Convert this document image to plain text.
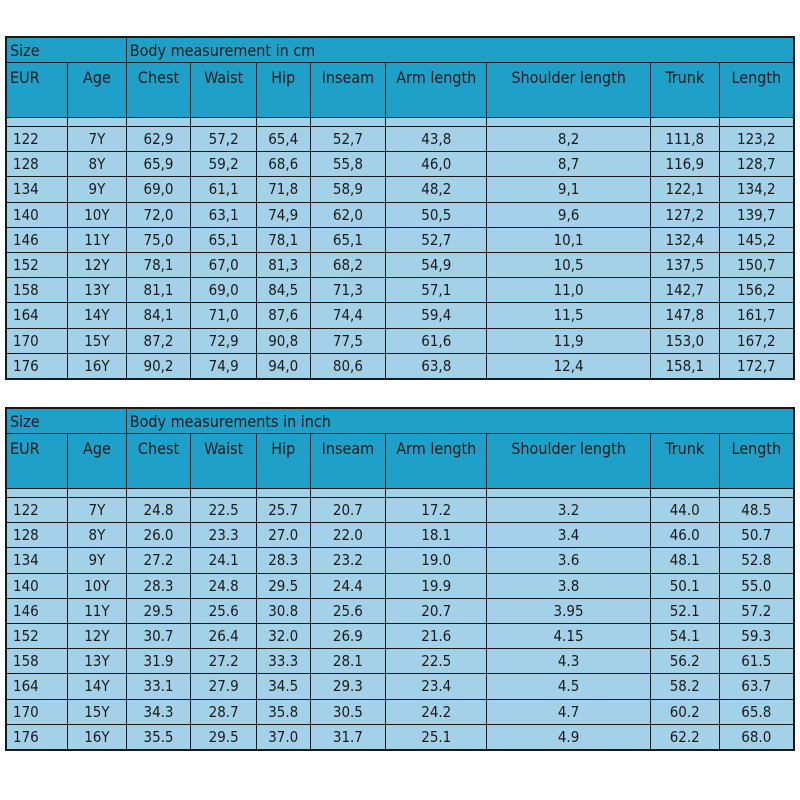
Size		Body measurement in cm							
EUR	Age	Chest	Waist	Hip	Inseam	Arm length	Shoulder length	Trunk	Length

122	7Y	62,9	57,2	65,4	52,7	43,8	8,2	111,8	123,2
128	8Y	65,9	59,2	68,6	55,8	46,0	8,7	116,9	128,7
134	9Y	69,0	61,1	71,8	58,9	48,2	9,1	122,1	134,2
140	10Y	72,0	63,1	74,9	62,0	50,5	9,6	127,2	139,7
146	11Y	75,0	65,1	78,1	65,1	52,7	10,1	132,4	145,2
152	12Y	78,1	67,0	81,3	68,2	54,9	10,5	137,5	150,7
158	13Y	81,1	69,0	84,5	71,3	57,1	11,0	142,7	156,2
164	14Y	84,1	71,0	87,6	74,4	59,4	11,5	147,8	161,7
170	15Y	87,2	72,9	90,8	77,5	61,6	11,9	153,0	167,2
176	16Y	90,2	74,9	94,0	80,6	63,8	12,4	158,1	172,7
Size		Body measurements in inch							
EUR	Age	Chest	Waist	Hip	Inseam	Arm length	Shoulder length	Trunk	Length

122	7Y	24.8	22.5	25.7	20.7	17.2	3.2	44.0	48.5
128	8Y	26.0	23.3	27.0	22.0	18.1	3.4	46.0	50.7
134	9Y	27.2	24.1	28.3	23.2	19.0	3.6	48.1	52.8
140	10Y	28.3	24.8	29.5	24.4	19.9	3.8	50.1	55.0
146	11Y	29.5	25.6	30.8	25.6	20.7	3.95	52.1	57.2
152	12Y	30.7	26.4	32.0	26.9	21.6	4.15	54.1	59.3
158	13Y	31.9	27.2	33.3	28.1	22.5	4.3	56.2	61.5
164	14Y	33.1	27.9	34.5	29.3	23.4	4.5	58.2	63.7
170	15Y	34.3	28.7	35.8	30.5	24.2	4.7	60.2	65.8
176	16Y	35.5	29.5	37.0	31.7	25.1	4.9	62.2	68.0
